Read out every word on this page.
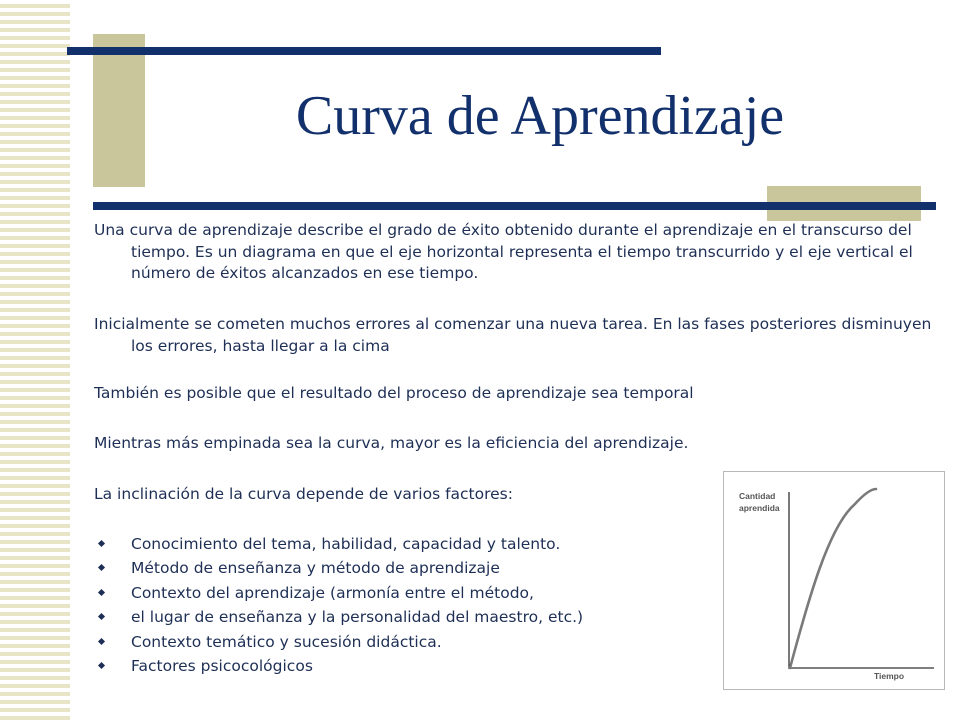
Curva de Aprendizaje

Una curva de aprendizaje describe el grado de éxito obtenido durante el aprendizaje en el transcurso del tiempo. Es un diagrama en que el eje horizontal representa el tiempo transcurrido y el eje vertical el número de éxitos alcanzados en ese tiempo.

Inicialmente se cometen muchos errores al comenzar una nueva tarea. En las fases posteriores disminuyen los errores, hasta llegar a la cima

También es posible que el resultado del proceso de aprendizaje sea temporal

Mientras más empinada sea la curva, mayor es la eficiencia del aprendizaje.

La inclinación de la curva depende de varios factores:

Conocimiento del tema, habilidad, capacidad y talento.
Método de enseñanza y método de aprendizaje
Contexto del aprendizaje (armonía entre el método,
el lugar de enseñanza y la personalidad del maestro, etc.)
Contexto temático y sucesión didáctica.
Factores psicocológicos
Cantidad
aprendida
Tiempo
